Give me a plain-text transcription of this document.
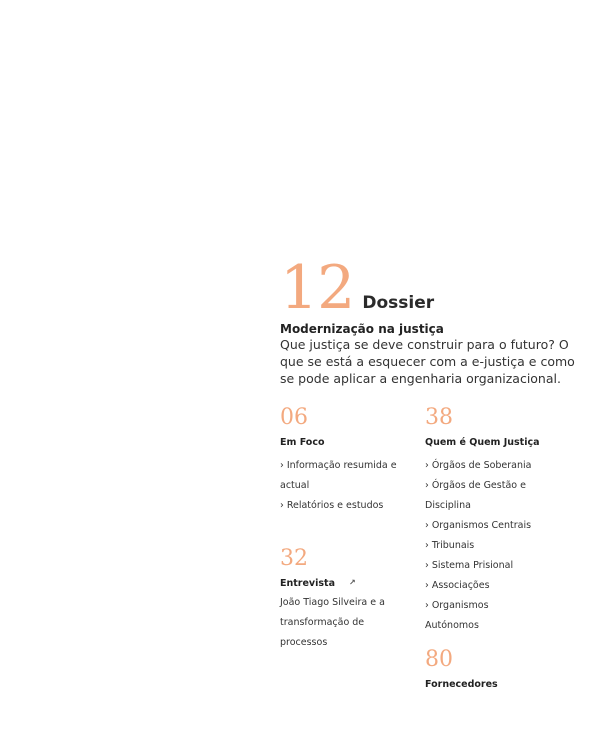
12 Dossier
Modernização na justiça

Que justiça se deve construir para o futuro? O que se está a esquecer com a e-justiça e como se pode aplicar a engenharia organizacional.

06
Em Foco
› Informação resumida e actual
› Relatórios e estudos
32
Entrevista ↗
João Tiago Silveira e a transformação de processos
38
Quem é Quem Justiça
› Órgãos de Soberania
› Órgãos de Gestão e Disciplina
› Organismos Centrais
› Tribunais
› Sistema Prisional
› Associações
› Organismos Autónomos
80
Fornecedores
